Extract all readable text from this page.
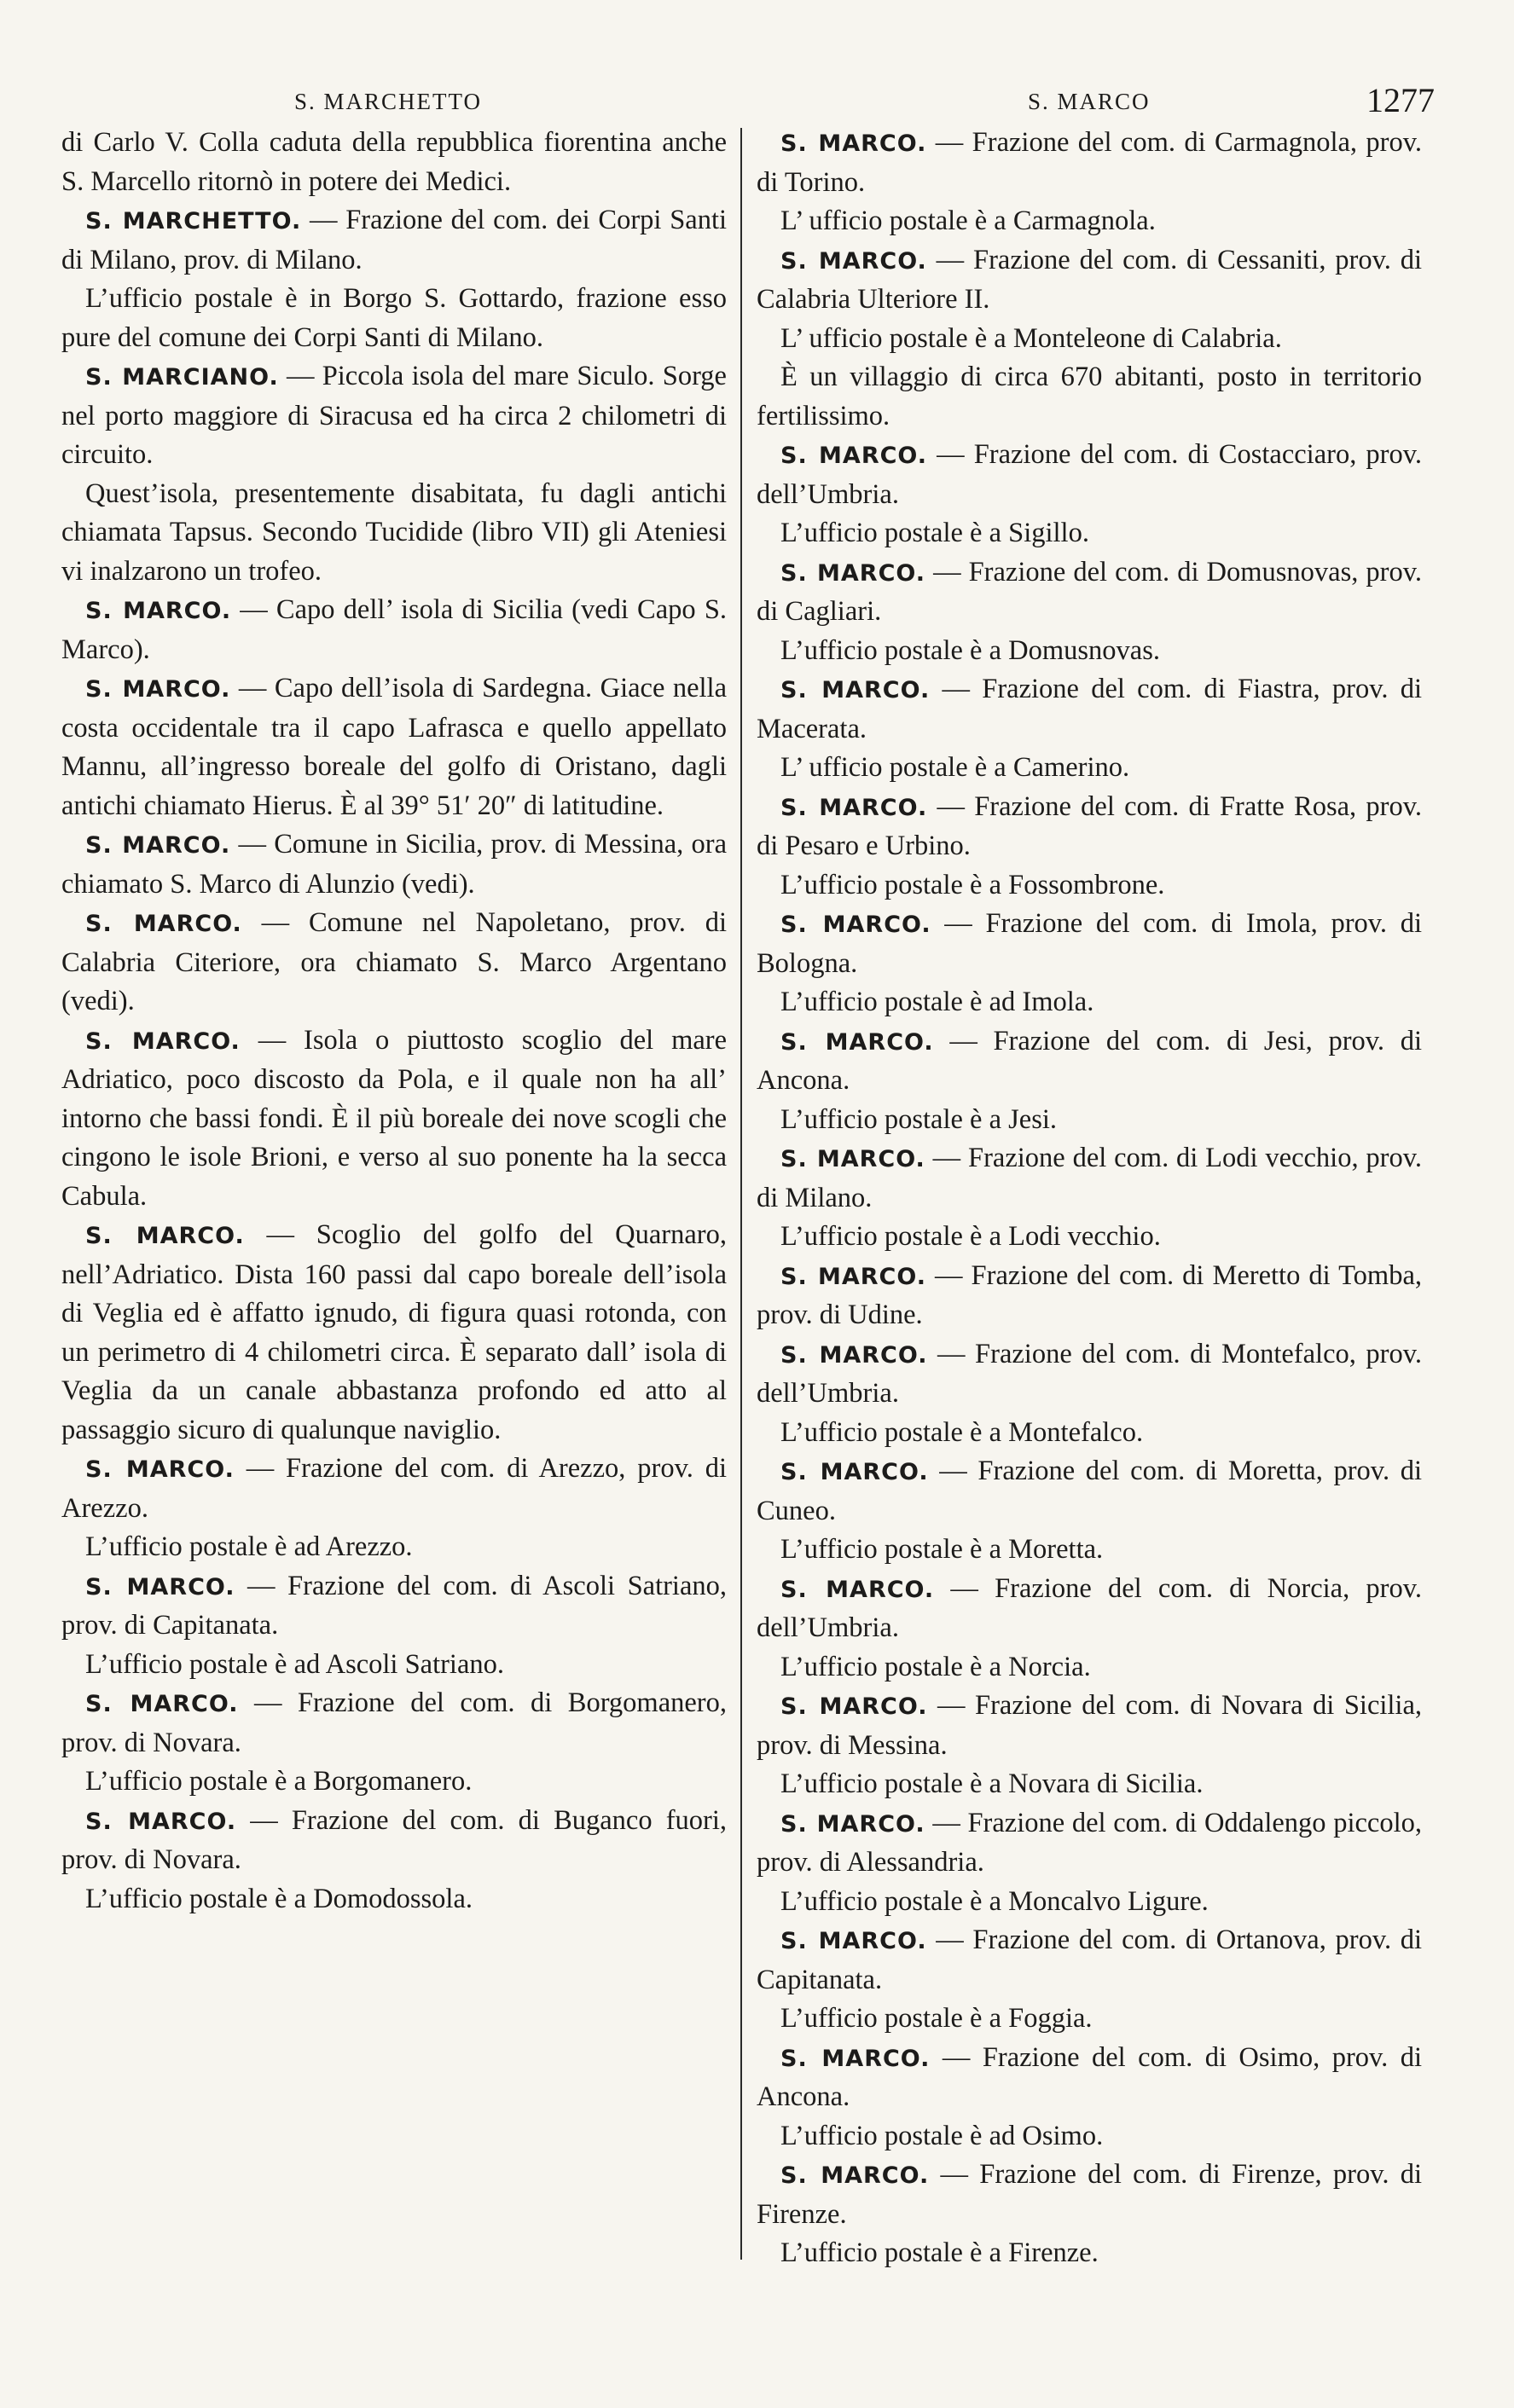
S. MARCHETTO	S. MARCO	1277

di Carlo V. Colla caduta della repubblica fiorentina anche S. Marcello ritornò in potere dei Medici.

S. MARCHETTO. — Frazione del com. dei Corpi Santi di Milano, prov. di Milano.

L’ufficio postale è in Borgo S. Gottardo, frazione esso pure del comune dei Corpi Santi di Milano.

S. MARCIANO. — Piccola isola del mare Siculo. Sorge nel porto maggiore di Siracusa ed ha circa 2 chilometri di circuito.

Quest’isola, presentemente disabitata, fu dagli antichi chiamata Tapsus. Secondo Tucidide (libro VII) gli Ateniesi vi inalzarono un trofeo.

S. MARCO. — Capo dell’ isola di Sicilia (vedi Capo S. Marco).

S. MARCO. — Capo dell’isola di Sardegna. Giace nella costa occidentale tra il capo Lafrasca e quello appellato Mannu, all’ingresso boreale del golfo di Oristano, dagli antichi chiamato Hierus. È al 39° 51′ 20″ di latitudine.

S. MARCO. — Comune in Sicilia, prov. di Messina, ora chiamato S. Marco di Alunzio (vedi).

S. MARCO. — Comune nel Napoletano, prov. di Calabria Citeriore, ora chiamato S. Marco Argentano (vedi).

S. MARCO. — Isola o piuttosto scoglio del mare Adriatico, poco discosto da Pola, e il quale non ha all’ intorno che bassi fondi. È il più boreale dei nove scogli che cingono le isole Brioni, e verso al suo ponente ha la secca Cabula.

S. MARCO. — Scoglio del golfo del Quarnaro, nell’Adriatico. Dista 160 passi dal capo boreale dell’isola di Veglia ed è affatto ignudo, di figura quasi rotonda, con un perimetro di 4 chilometri circa. È separato dall’ isola di Veglia da un canale abbastanza profondo ed atto al passaggio sicuro di qualunque naviglio.

S. MARCO. — Frazione del com. di Arezzo, prov. di Arezzo.

L’ufficio postale è ad Arezzo.

S. MARCO. — Frazione del com. di Ascoli Satriano, prov. di Capitanata.

L’ufficio postale è ad Ascoli Satriano.

S. MARCO. — Frazione del com. di Borgomanero, prov. di Novara.

L’ufficio postale è a Borgomanero.

S. MARCO. — Frazione del com. di Buganco fuori, prov. di Novara.

L’ufficio postale è a Domodossola.

S. MARCO. — Frazione del com. di Carmagnola, prov. di Torino.

L’ ufficio postale è a Carmagnola.

S. MARCO. — Frazione del com. di Cessaniti, prov. di Calabria Ulteriore II.

L’ ufficio postale è a Monteleone di Calabria.

È un villaggio di circa 670 abitanti, posto in territorio fertilissimo.

S. MARCO. — Frazione del com. di Costacciaro, prov. dell’Umbria.

L’ufficio postale è a Sigillo.

S. MARCO. — Frazione del com. di Domusnovas, prov. di Cagliari.

L’ufficio postale è a Domusnovas.

S. MARCO. — Frazione del com. di Fiastra, prov. di Macerata.

L’ ufficio postale è a Camerino.

S. MARCO. — Frazione del com. di Fratte Rosa, prov. di Pesaro e Urbino.

L’ufficio postale è a Fossombrone.

S. MARCO. — Frazione del com. di Imola, prov. di Bologna.

L’ufficio postale è ad Imola.

S. MARCO. — Frazione del com. di Jesi, prov. di Ancona.

L’ufficio postale è a Jesi.

S. MARCO. — Frazione del com. di Lodi vecchio, prov. di Milano.

L’ufficio postale è a Lodi vecchio.

S. MARCO. — Frazione del com. di Meretto di Tomba, prov. di Udine.

S. MARCO. — Frazione del com. di Montefalco, prov. dell’Umbria.

L’ufficio postale è a Montefalco.

S. MARCO. — Frazione del com. di Moretta, prov. di Cuneo.

L’ufficio postale è a Moretta.

S. MARCO. — Frazione del com. di Norcia, prov. dell’Umbria.

L’ufficio postale è a Norcia.

S. MARCO. — Frazione del com. di Novara di Sicilia, prov. di Messina.

L’ufficio postale è a Novara di Sicilia.

S. MARCO. — Frazione del com. di Oddalengo piccolo, prov. di Alessandria.

L’ufficio postale è a Moncalvo Ligure.

S. MARCO. — Frazione del com. di Ortanova, prov. di Capitanata.

L’ufficio postale è a Foggia.

S. MARCO. — Frazione del com. di Osimo, prov. di Ancona.

L’ufficio postale è ad Osimo.

S. MARCO. — Frazione del com. di Firenze, prov. di Firenze.

L’ufficio postale è a Firenze.
